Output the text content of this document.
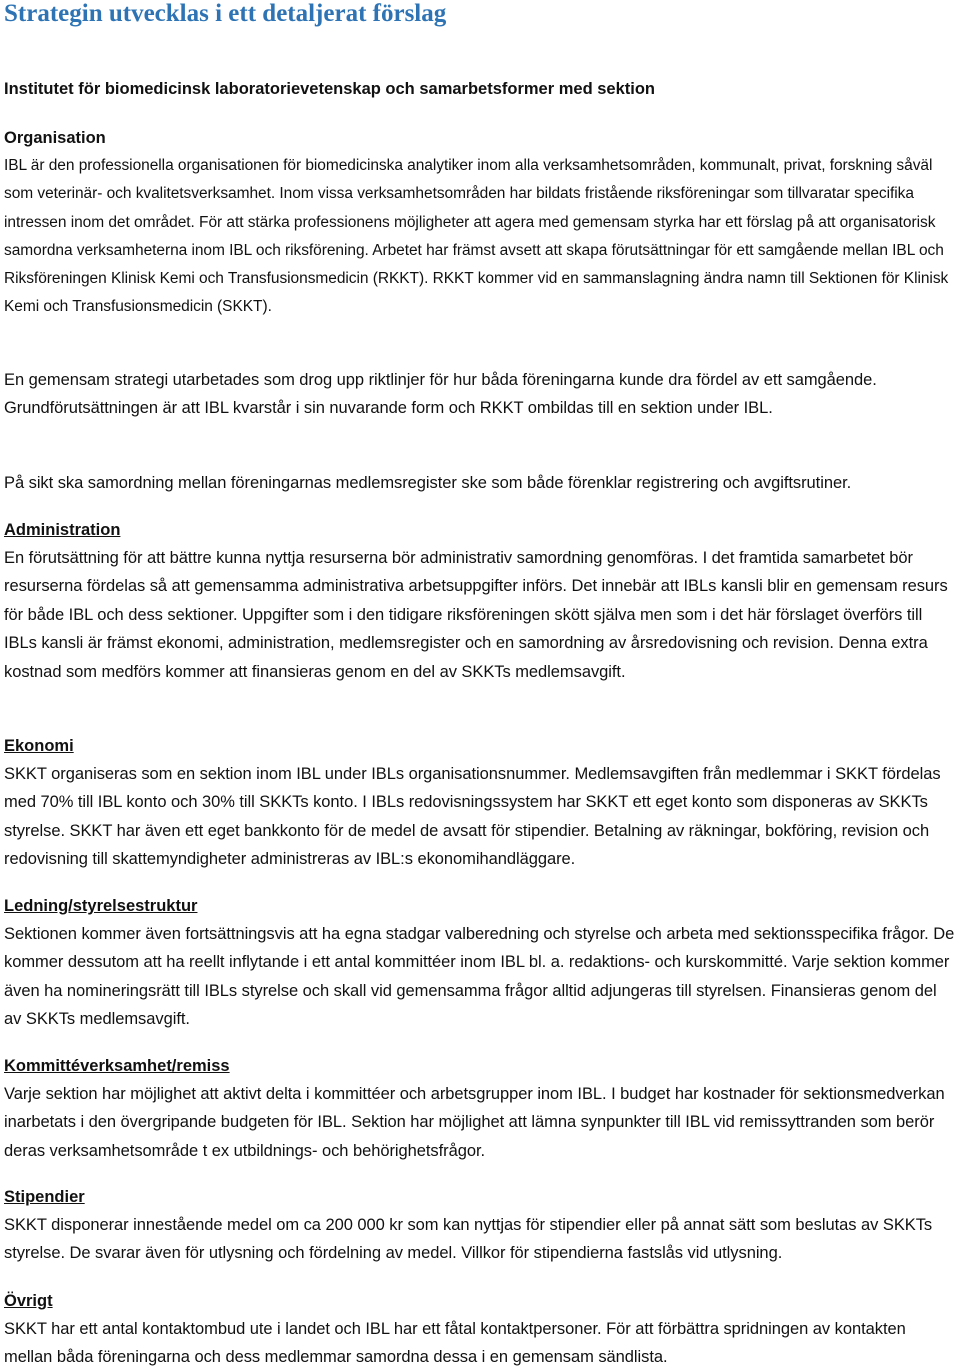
Strategin utvecklas i ett detaljerat förslag

Institutet för biomedicinsk laboratorievetenskap och samarbetsformer med sektion

Organisation

IBL är den professionella organisationen för biomedicinska analytiker inom alla verksamhetsområden, kommunalt, privat, forskning såväl som veterinär- och kvalitetsverksamhet. Inom vissa verksamhetsområden har bildats fristående riksföreningar som tillvaratar specifika intressen inom det området. För att stärka professionens möjligheter att agera med gemensam styrka har ett förslag på att organisatorisk samordna verksamheterna inom IBL och riksförening. Arbetet har främst avsett att skapa förutsättningar för ett samgående mellan IBL och Riksföreningen Klinisk Kemi och Transfusionsmedicin (RKKT). RKKT kommer vid en sammanslagning ändra namn till Sektionen för Klinisk Kemi och Transfusionsmedicin (SKKT).

En gemensam strategi utarbetades som drog upp riktlinjer för hur båda föreningarna kunde dra fördel av ett samgående. Grundförutsättningen är att IBL kvarstår i sin nuvarande form och RKKT ombildas till en sektion under IBL.

På sikt ska samordning mellan föreningarnas medlemsregister ske som både förenklar registrering och avgiftsrutiner.

Administration

En förutsättning för att bättre kunna nyttja resurserna bör administrativ samordning genomföras. I det framtida samarbetet bör resurserna fördelas så att gemensamma administrativa arbetsuppgifter införs. Det innebär att IBLs kansli blir en gemensam resurs för både IBL och dess sektioner. Uppgifter som i den tidigare riksföreningen skött själva men som i det här förslaget överförs till IBLs kansli är främst ekonomi, administration, medlemsregister och en samordning av årsredovisning och revision. Denna extra kostnad som medförs kommer att finansieras genom en del av SKKTs medlemsavgift.

Ekonomi

SKKT organiseras som en sektion inom IBL under IBLs organisationsnummer. Medlemsavgiften från medlemmar i SKKT fördelas med 70% till IBL konto och 30% till SKKTs konto. I IBLs redovisningssystem har SKKT ett eget konto som disponeras av SKKTs styrelse. SKKT har även ett eget bankkonto för de medel de avsatt för stipendier. Betalning av räkningar, bokföring, revision och redovisning till skattemyndigheter administreras av IBL:s ekonomihandläggare.

Ledning/styrelsestruktur

Sektionen kommer även fortsättningsvis att ha egna stadgar valberedning och styrelse och arbeta med sektionsspecifika frågor. De kommer dessutom att ha reellt inflytande i ett antal kommittéer inom IBL bl. a. redaktions- och kurskommitté. Varje sektion kommer även ha nomineringsrätt till IBLs styrelse och skall vid gemensamma frågor alltid adjungeras till styrelsen. Finansieras genom del av SKKTs medlemsavgift.

Kommittéverksamhet/remiss

Varje sektion har möjlighet att aktivt delta i kommittéer och arbetsgrupper inom IBL. I budget har kostnader för sektionsmedverkan inarbetats i den övergripande budgeten för IBL. Sektion har möjlighet att lämna synpunkter till IBL vid remissyttranden som berör deras verksamhetsområde t ex utbildnings- och behörighetsfrågor.

Stipendier

SKKT disponerar innestående medel om ca 200 000 kr som kan nyttjas för stipendier eller på annat sätt som beslutas av SKKTs styrelse. De svarar även för utlysning och fördelning av medel. Villkor för stipendierna fastslås vid utlysning.

Övrigt

SKKT har ett antal kontaktombud ute i landet och IBL har ett fåtal kontaktpersoner. För att förbättra spridningen av kontakten mellan båda föreningarna och dess medlemmar samordna dessa i en gemensam sändlista.
